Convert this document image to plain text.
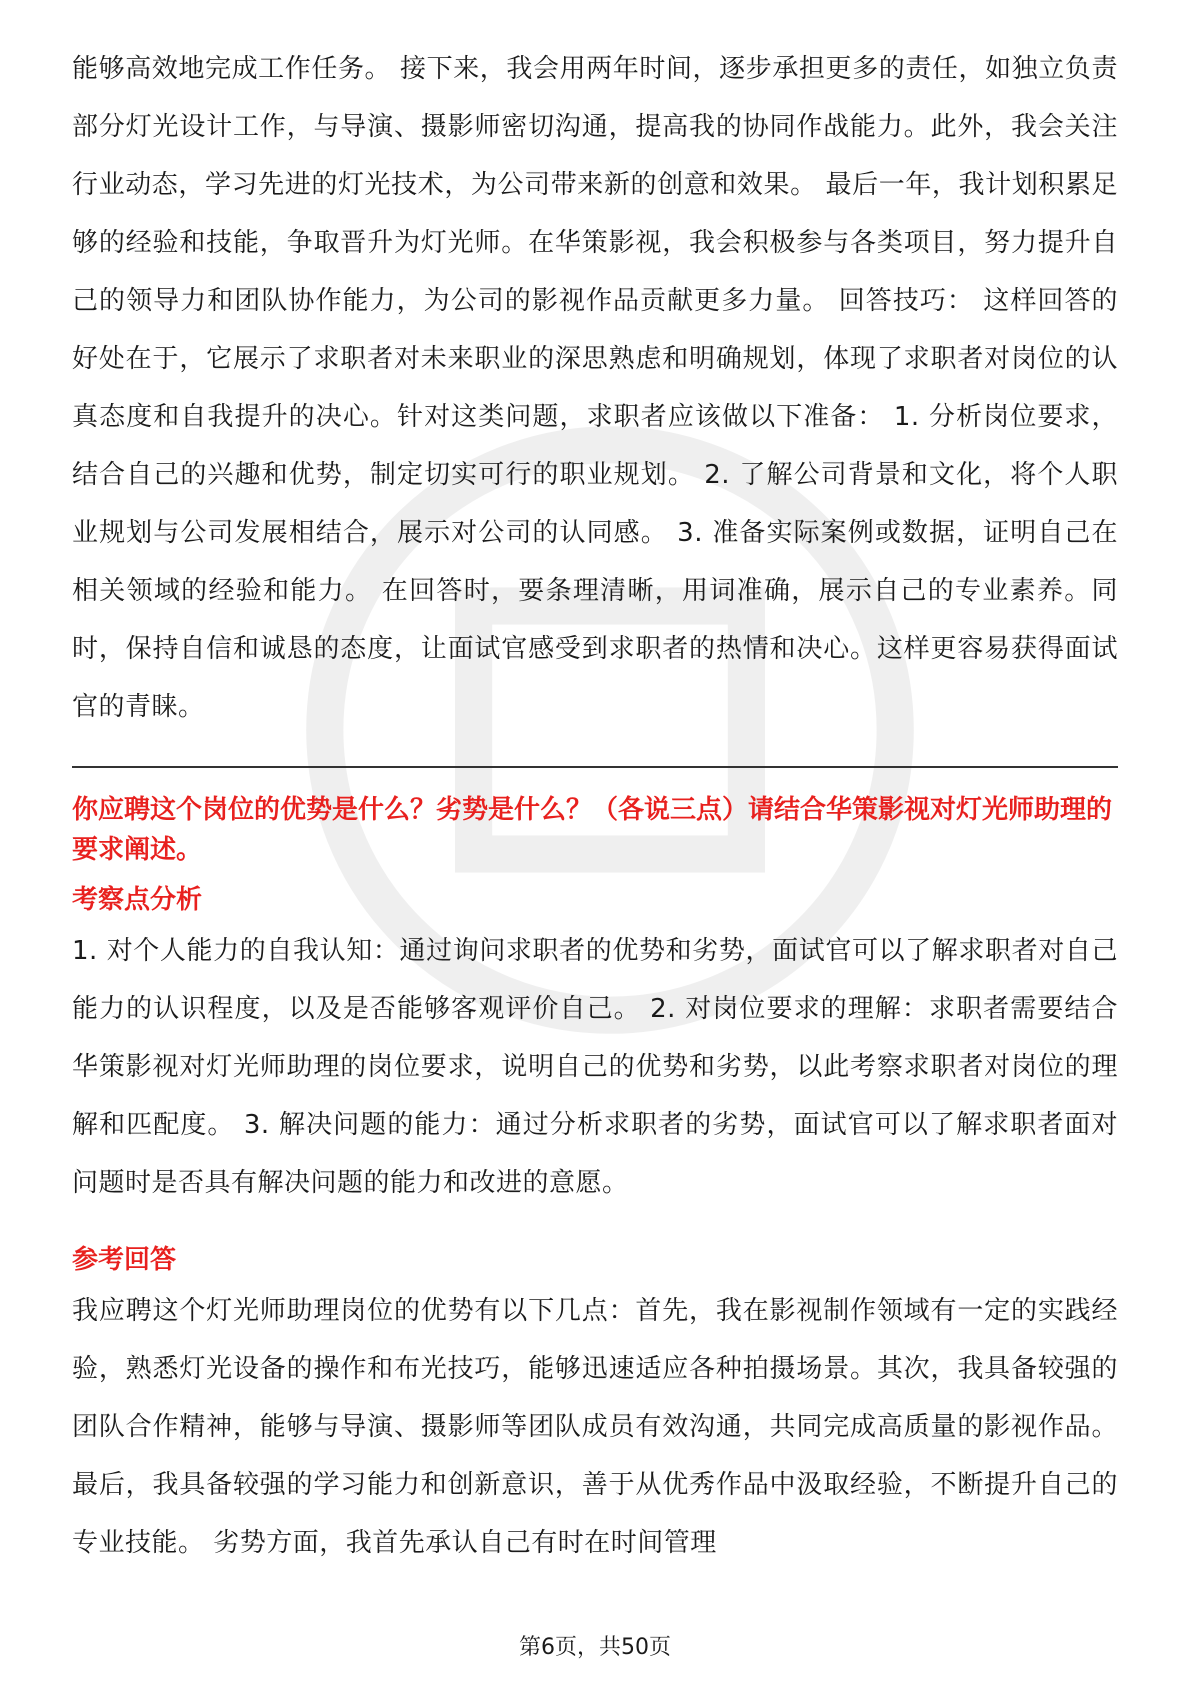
能够高效地完成工作任务。 接下来，我会用两年时间，逐步承担更多的责任，如独立负责部分灯光设计工作，与导演、摄影师密切沟通，提高我的协同作战能力。此外，我会关注行业动态，学习先进的灯光技术，为公司带来新的创意和效果。 最后一年，我计划积累足够的经验和技能，争取晋升为灯光师。在华策影视，我会积极参与各类项目，努力提升自己的领导力和团队协作能力，为公司的影视作品贡献更多力量。 回答技巧： 这样回答的好处在于，它展示了求职者对未来职业的深思熟虑和明确规划，体现了求职者对岗位的认真态度和自我提升的决心。针对这类问题，求职者应该做以下准备： 1. 分析岗位要求，结合自己的兴趣和优势，制定切实可行的职业规划。 2. 了解公司背景和文化，将个人职业规划与公司发展相结合，展示对公司的认同感。 3. 准备实际案例或数据，证明自己在相关领域的经验和能力。 在回答时，要条理清晰，用词准确，展示自己的专业素养。同时，保持自信和诚恳的态度，让面试官感受到求职者的热情和决心。这样更容易获得面试官的青睐。

你应聘这个岗位的优势是什么？劣势是什么？（各说三点）请结合华策影视对灯光师助理的要求阐述。

考察点分析

1. 对个人能力的自我认知：通过询问求职者的优势和劣势，面试官可以了解求职者对自己能力的认识程度，以及是否能够客观评价自己。 2. 对岗位要求的理解：求职者需要结合华策影视对灯光师助理的岗位要求，说明自己的优势和劣势，以此考察求职者对岗位的理解和匹配度。 3. 解决问题的能力：通过分析求职者的劣势，面试官可以了解求职者面对问题时是否具有解决问题的能力和改进的意愿。

参考回答

我应聘这个灯光师助理岗位的优势有以下几点：首先，我在影视制作领域有一定的实践经验，熟悉灯光设备的操作和布光技巧，能够迅速适应各种拍摄场景。其次，我具备较强的团队合作精神，能够与导演、摄影师等团队成员有效沟通，共同完成高质量的影视作品。最后，我具备较强的学习能力和创新意识，善于从优秀作品中汲取经验，不断提升自己的专业技能。 劣势方面，我首先承认自己有时在时间管理

第6页，共50页
